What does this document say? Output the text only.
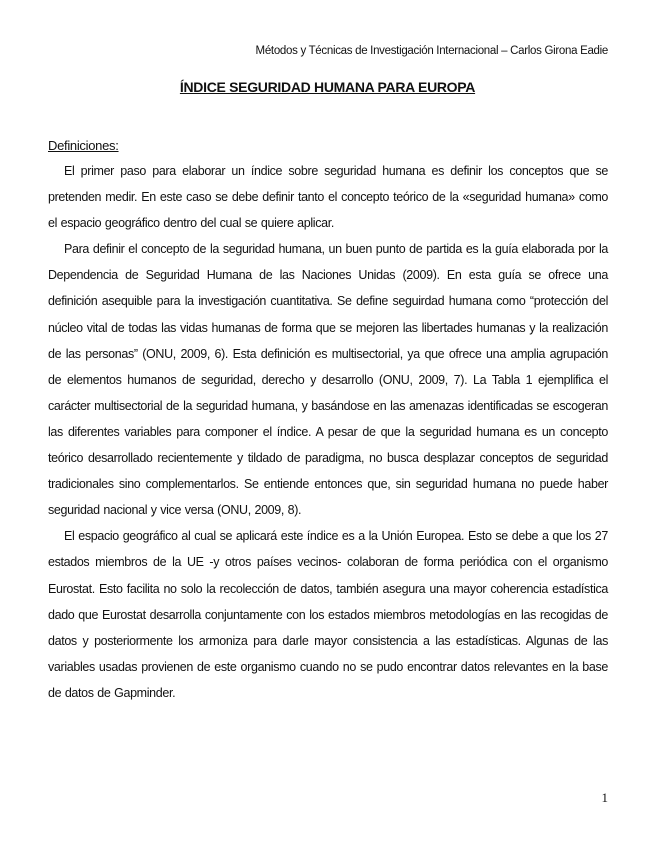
Métodos y Técnicas de Investigación Internacional – Carlos Girona Eadie
ÍNDICE SEGURIDAD HUMANA PARA EUROPA
Definiciones:

El primer paso para elaborar un índice sobre seguridad humana es definir los conceptos que se pretenden medir. En este caso se debe definir tanto el concepto teórico de la «seguridad humana» como el espacio geográfico dentro del cual se quiere aplicar.

Para definir el concepto de la seguridad humana, un buen punto de partida es la guía elaborada por la Dependencia de Seguridad Humana de las Naciones Unidas (2009). En esta guía se ofrece una definición asequible para la investigación cuantitativa. Se define seguirdad humana como “protección del núcleo vital de todas las vidas humanas de forma que se mejoren las libertades humanas y la realización de las personas” (ONU, 2009, 6). Esta definición es multisectorial, ya que ofrece una amplia agrupación de elementos humanos de seguridad, derecho y desarrollo (ONU, 2009, 7). La Tabla 1 ejemplifica el carácter multisectorial de la seguridad humana, y basándose en las amenazas identificadas se escogeran las diferentes variables para componer el índice. A pesar de que la seguridad humana es un concepto teórico desarrollado recientemente y tildado de paradigma, no busca desplazar conceptos de seguridad tradicionales sino complementarlos. Se entiende entonces que, sin seguridad humana no puede haber seguridad nacional y vice versa (ONU, 2009, 8).

El espacio geográfico al cual se aplicará este índice es a la Unión Europea. Esto se debe a que los 27 estados miembros de la UE -y otros países vecinos- colaboran de forma periódica con el organismo Eurostat. Esto facilita no solo la recolección de datos, también asegura una mayor coherencia estadística dado que Eurostat desarrolla conjuntamente con los estados miembros metodologías en las recogidas de datos y posteriormente los armoniza para darle mayor consistencia a las estadísticas. Algunas de las variables usadas provienen de este organismo cuando no se pudo encontrar datos relevantes en la base de datos de Gapminder.

1
